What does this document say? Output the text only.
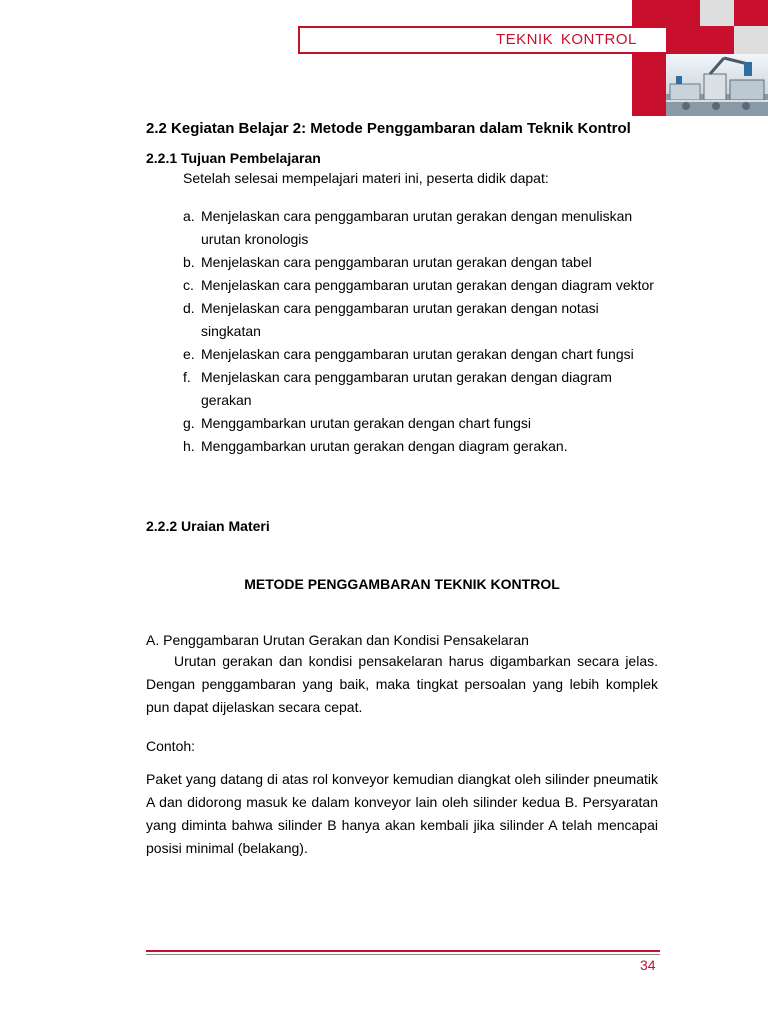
TEKNIK KONTROL
2.2 Kegiatan Belajar 2: Metode Penggambaran dalam Teknik Kontrol
2.2.1 Tujuan Pembelajaran
Setelah selesai mempelajari materi ini, peserta didik dapat:
a. Menjelaskan cara penggambaran urutan gerakan dengan menuliskan urutan kronologis
b. Menjelaskan cara penggambaran urutan gerakan dengan tabel
c. Menjelaskan cara penggambaran urutan gerakan dengan diagram vektor
d. Menjelaskan cara penggambaran urutan gerakan dengan notasi singkatan
e. Menjelaskan cara penggambaran urutan gerakan dengan chart fungsi
f. Menjelaskan cara penggambaran urutan gerakan dengan diagram gerakan
g. Menggambarkan urutan gerakan dengan chart fungsi
h. Menggambarkan urutan gerakan dengan diagram gerakan.
2.2.2 Uraian Materi
METODE PENGGAMBARAN TEKNIK KONTROL
A. Penggambaran Urutan Gerakan dan Kondisi Pensakelaran

Urutan gerakan dan kondisi pensakelaran harus digambarkan secara jelas. Dengan penggambaran yang baik, maka tingkat persoalan yang lebih komplek pun dapat dijelaskan secara cepat.

Contoh:

Paket yang datang di atas rol konveyor kemudian diangkat oleh silinder pneumatik A dan didorong masuk ke dalam konveyor lain oleh silinder kedua B. Persyaratan yang diminta bahwa silinder B hanya akan kembali jika silinder A telah mencapai posisi minimal (belakang).

34
